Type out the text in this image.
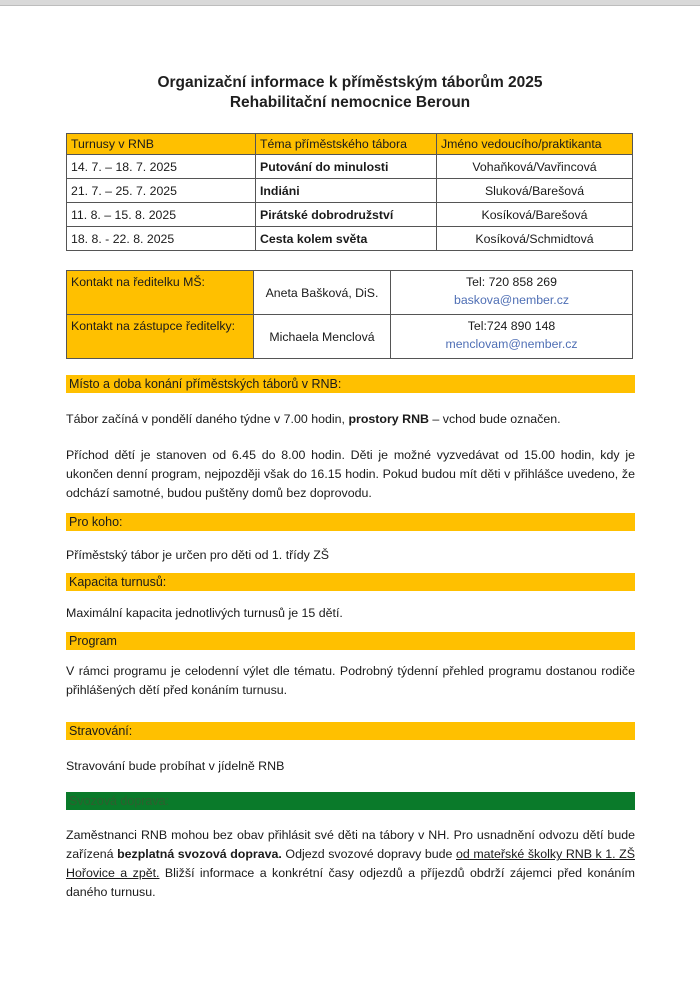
Organizační informace k příměstským táborům 2025
Rehabilitační nemocnice Beroun
Turnusy v RNB	Téma příměstského tábora	Jméno vedoucího/praktikanta
14. 7. – 18. 7. 2025	Putování do minulosti	Vohaňková/Vavřincová
21. 7. – 25. 7. 2025	Indiáni	Sluková/Barešová
11. 8. – 15. 8. 2025	Pirátské dobrodružství	Kosíková/Barešová
18. 8. - 22. 8. 2025	Cesta kolem světa	Kosíková/Schmidtová
Kontakt na ředitelku MŠ:	Aneta Bašková, DiS.	Tel: 720 858 269
baskova@nember.cz

Kontakt na zástupce ředitelky:	Michaela Menclová	Tel:724 890 148
menclovam@nember.cz
Místo a doba konání příměstských táborů v RNB:
Tábor začíná v pondělí daného týdne v 7.00 hodin, prostory RNB – vchod bude označen.
Příchod dětí je stanoven od 6.45 do 8.00 hodin. Děti je možné vyzvedávat od 15.00 hodin, kdy je ukončen denní program, nejpozději však do 16.15 hodin. Pokud budou mít děti v přihlášce uvedeno, že odchází samotné, budou puštěny domů bez doprovodu.
Pro koho:
Příměstský tábor je určen pro děti od 1. třídy ZŠ
Kapacita turnusů:
Maximální kapacita jednotlivých turnusů je 15 dětí.
Program
V rámci programu je celodenní výlet dle tématu. Podrobný týdenní přehled programu dostanou rodiče přihlášených dětí před konáním turnusu.
Stravování:
Stravování bude probíhat v jídelně RNB
Svozová doprava:
Zaměstnanci RNB mohou bez obav přihlásit své děti na tábory v NH. Pro usnadnění odvozu dětí bude zařízená bezplatná svozová doprava. Odjezd svozové dopravy bude od mateřské školky RNB k 1. ZŠ Hořovice a zpět. Bližší informace a konkrétní časy odjezdů a příjezdů obdrží zájemci před konáním daného turnusu.
